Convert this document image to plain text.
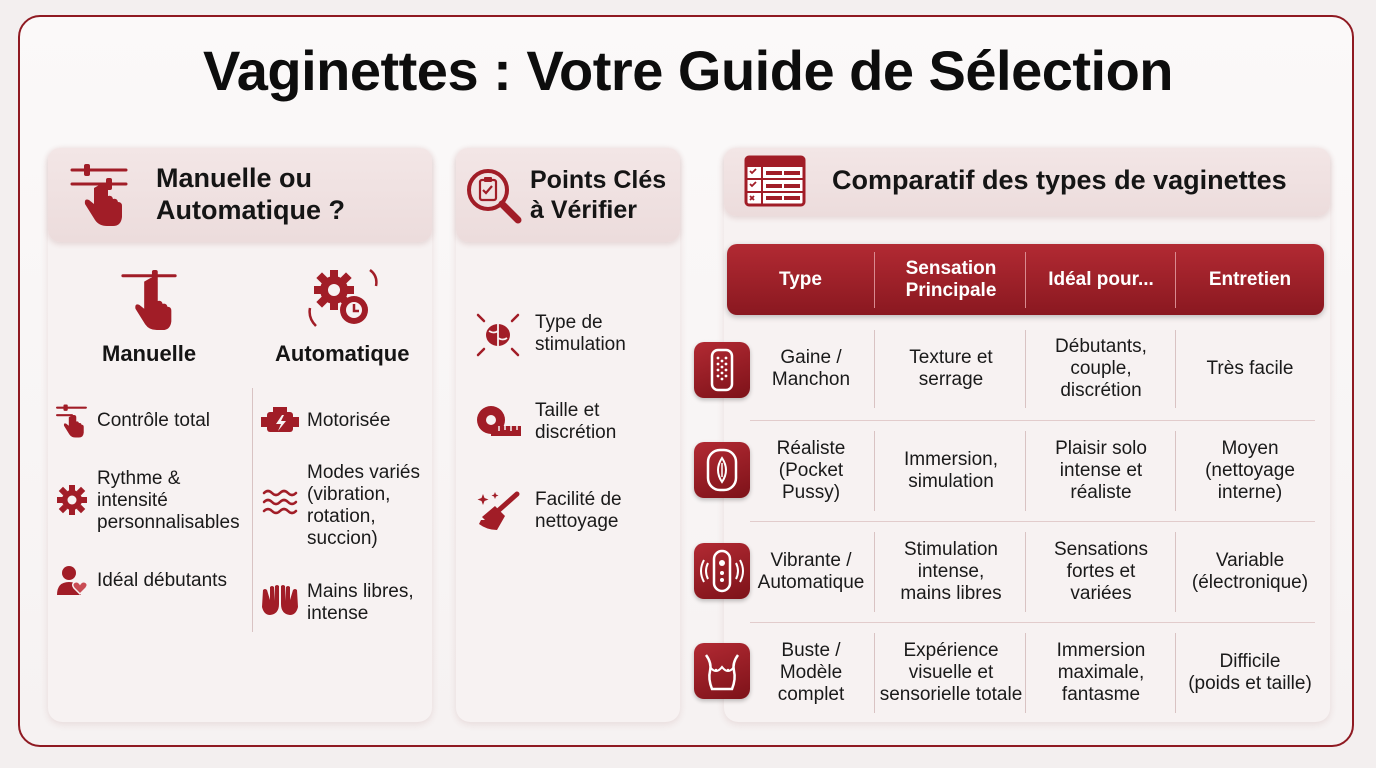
Vaginettes : Votre Guide de Sélection
Manuelle ou
Automatique ?
Manuelle	Automatique
Contrôle total
Rythme &
intensité
personnalisables
Idéal débutants
Motorisée
Modes variés
(vibration,
rotation,
succion)
Mains libres,
intense
Points Clés
à Vérifier
Type de
stimulation
Taille et
discrétion
Facilité de
nettoyage
Comparatif des types de vaginettes
Type
Sensation
Principale
Idéal pour...	Entretien
Gaine /
Manchon
Texture et
serrage
Débutants,
couple,
discrétion
Très facile
Réaliste
(Pocket
Pussy)
Immersion,
simulation
Plaisir solo
intense et
réaliste
Moyen
(nettoyage
interne)
Vibrante /
Automatique
Stimulation
intense,
mains libres
Sensations
fortes et
variées
Variable
(électronique)
Buste /
Modèle
complet
Expérience
visuelle et
sensorielle totale
Immersion
maximale,
fantasme
Difficile
(poids et taille)
